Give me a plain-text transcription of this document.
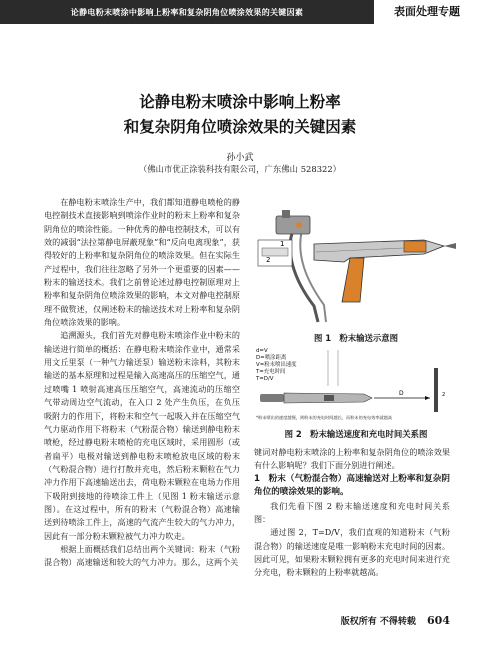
论静电粉末喷涂中影响上粉率和复杂阴角位喷涂效果的关键因素	表面处理专题
论静电粉末喷涂中影响上粉率
和复杂阴角位喷涂效果的关键因素
孙小武
（佛山市优正涂装科技有限公司，广东佛山 528322）

在静电粉末喷涂生产中，我们都知道静电喷枪的静电控制技术直接影响到喷涂作业时的粉末上粉率和复杂阴角位的喷涂性能。一种优秀的静电控制技术，可以有效的减弱“法拉第静电屏蔽现象”和“反向电离现象”，获得较好的上粉率和复杂阴角位的喷涂效果。但在实际生产过程中，我们往往忽略了另外一个更重要的因素——粉末的输送技术。我们之前曾论述过静电控制原理对上粉率和复杂阴角位喷涂效果的影响，本文对静电控制原理不做赘述，仅阐述粉末的输送技术对上粉率和复杂阴角位喷涂效果的影响。

追溯源头，我们首先对静电粉末喷涂作业中粉末的输送进行简单的概括：在静电粉末喷涂作业中，通常采用文丘里泵（一种气力输送泵）输送粉末涂料，其粉末输送的基本原理和过程是输入高速高压的压缩空气，通过喷嘴 1 喷射高速高压压缩空气，高速流动的压缩空气带动周边空气流动，在入口 2 处产生负压，在负压吸附力的作用下，将粉末和空气一起吸入并在压缩空气气力驱动作用下将粉末（气粉混合物）输送到静电粉末喷枪，经过静电粉末喷枪的充电区域时，采用圆形（或者扁平）电极对输送到静电粉末喷枪放电区域的粉末（气粉混合物）进行打散并充电，然后粉末颗粒在气力冲力作用下高速输送出去，荷电粉末颗粒在电场力作用下吸附到接地的待喷涂工件上（见图 1 粉末输送示意图）。在这过程中，所有的粉末（气粉混合物）高速输送到待喷涂工件上，高速的气流产生较大的气力冲力，因此有一部分粉末颗粒被气力冲力吹走。

根据上面概括我们总结出两个关键词：粉末（气粉混合物）高速输送和较大的气力冲力。那么，这两个关

2
1
图 1　粉末输送示意图
d=V
D=喷涂距离
V=粉末喷出速度
T=充电时间
T=D/V
D	2
*粉末喷出的速度越慢，则粉末的充电时间越长，而粉末的充电效率就越高
图 2　粉末输送速度和充电时间关系图

键词对静电粉末喷涂的上粉率和复杂阴角位的喷涂效果有什么影响呢？我们下面分别进行阐述。

1　粉末（气粉混合物）高速输送对上粉率和复杂阴角位的喷涂效果的影响。

我们先看下图 2 粉末输送速度和充电时间关系图：

通过图 2，T=D/V，我们直观的知道粉末（气粉混合物）的输送速度是唯一影响粉末充电时间的因素。因此可见，如果粉末颗粒拥有更多的充电时间来进行充分充电，粉末颗粒的上粉率就越高。

版权所有 不得转载 604
